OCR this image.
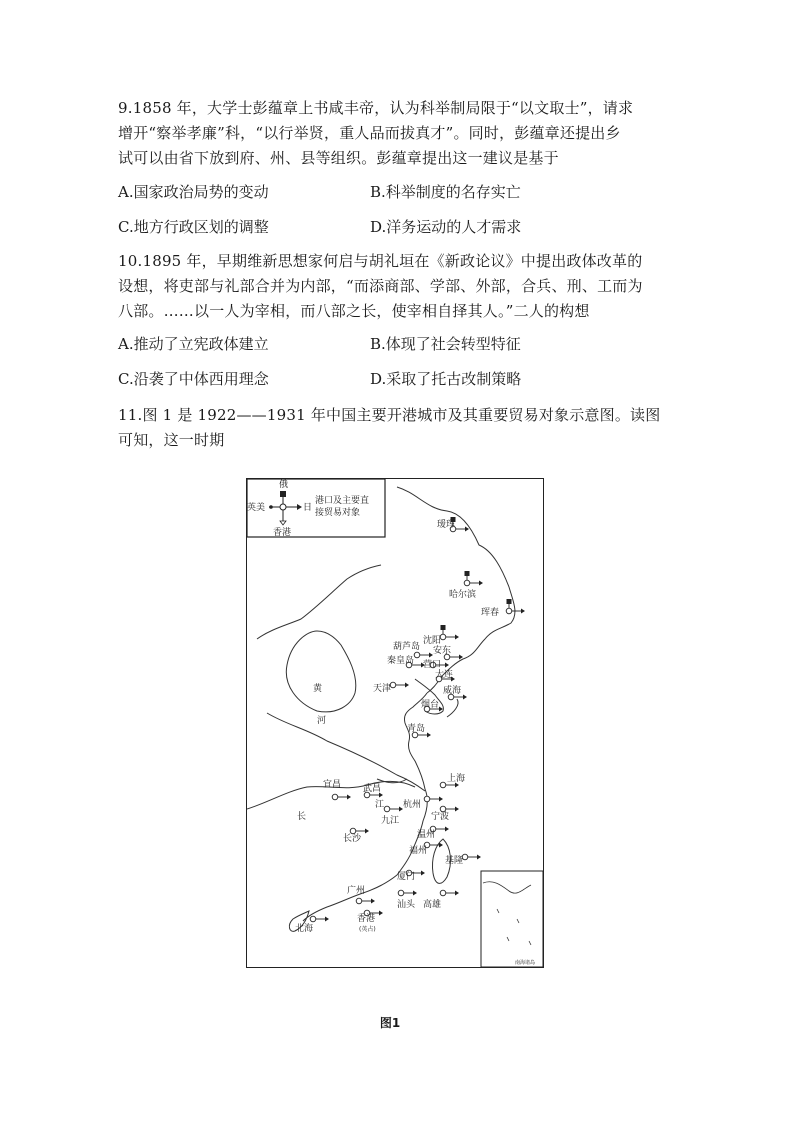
9.1858 年，大学士彭蕴章上书咸丰帝，认为科举制局限于“以文取士”，请求
增开“察举孝廉”科，“以行举贤，重人品而拔真才”。同时，彭蕴章还提出乡
试可以由省下放到府、州、县等组织。彭蕴章提出这一建议是基于
A.国家政治局势的变动	B.科举制度的名存实亡
C.地方行政区划的调整	D.洋务运动的人才需求
10.1895 年，早期维新思想家何启与胡礼垣在《新政论议》中提出政体改革的
设想，将吏部与礼部合并为内部，“而添商部、学部、外部，合兵、刑、工而为
八部。……以一人为宰相，而八部之长，使宰相自择其人。”二人的构想
A.推动了立宪政体建立	B.体现了社会转型特征
C.沿袭了中体西用理念	D.采取了托古改制策略
11.图 1 是 1922——1931 年中国主要开港城市及其重要贸易对象示意图。读图
可知，这一时期
俄
英美	日
香港
港口及主要直
接贸易对象
南海诸岛
瑷珲
哈尔滨
珲春
沈阳
葫芦岛 安东
秦皇岛 营口
天津
大连
威海
烟台
青岛
上海
宜昌 武昌
杭州
九江	宁波
长沙	温州
福州
基隆
厦门
广州
汕头 高雄
香港
(英占)
北海
黄
河
长
江
图1
